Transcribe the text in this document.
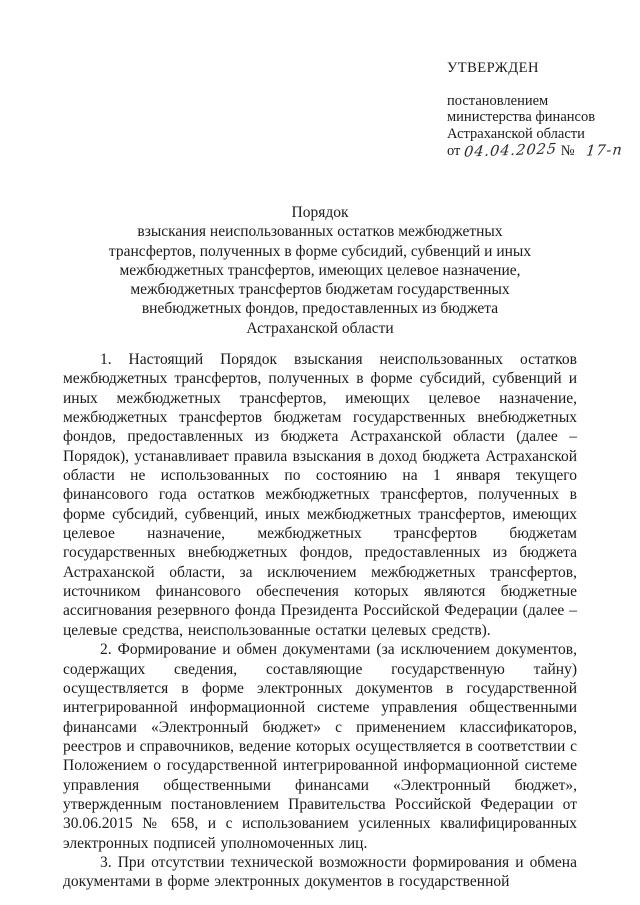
УТВЕРЖДЕН
постановлением
министерства финансов
Астраханской области
от 04.04.2025 № 17-п
Порядок
взыскания неиспользованных остатков межбюджетных
трансфертов, полученных в форме субсидий, субвенций и иных
межбюджетных трансфертов, имеющих целевое назначение,
межбюджетных трансфертов бюджетам государственных
внебюджетных фондов, предоставленных из бюджета
Астраханской области

1. Настоящий Порядок взыскания неиспользованных остатков межбюджетных трансфертов, полученных в форме субсидий, субвенций и иных межбюджетных трансфертов, имеющих целевое назначение, межбюджетных трансфертов бюджетам государственных внебюджетных фондов, предоставленных из бюджета Астраханской области (далее – Порядок), устанавливает правила взыскания в доход бюджета Астраханской области не использованных по состоянию на 1 января текущего финансового года остатков межбюджетных трансфертов, полученных в форме субсидий, субвенций, иных межбюджетных трансфертов, имеющих целевое назначение, межбюджетных трансфертов бюджетам государственных внебюджетных фондов, предоставленных из бюджета Астраханской области, за исключением межбюджетных трансфертов, источником финансового обеспечения которых являются бюджетные ассигнования резервного фонда Президента Российской Федерации (далее – целевые средства, неиспользованные остатки целевых средств).

2. Формирование и обмен документами (за исключением документов, содержащих сведения, составляющие государственную тайну) осуществляется в форме электронных документов в государственной интегрированной информационной системе управления общественными финансами «Электронный бюджет» с применением классификаторов, реестров и справочников, ведение которых осуществляется в соответствии с Положением о государственной интегрированной информационной системе управления общественными финансами «Электронный бюджет», утвержденным постановлением Правительства Российской Федерации от 30.06.2015 № 658, и с использованием усиленных квалифицированных электронных подписей уполномоченных лиц.

3. При отсутствии технической возможности формирования и обмена документами в форме электронных документов в государственной
